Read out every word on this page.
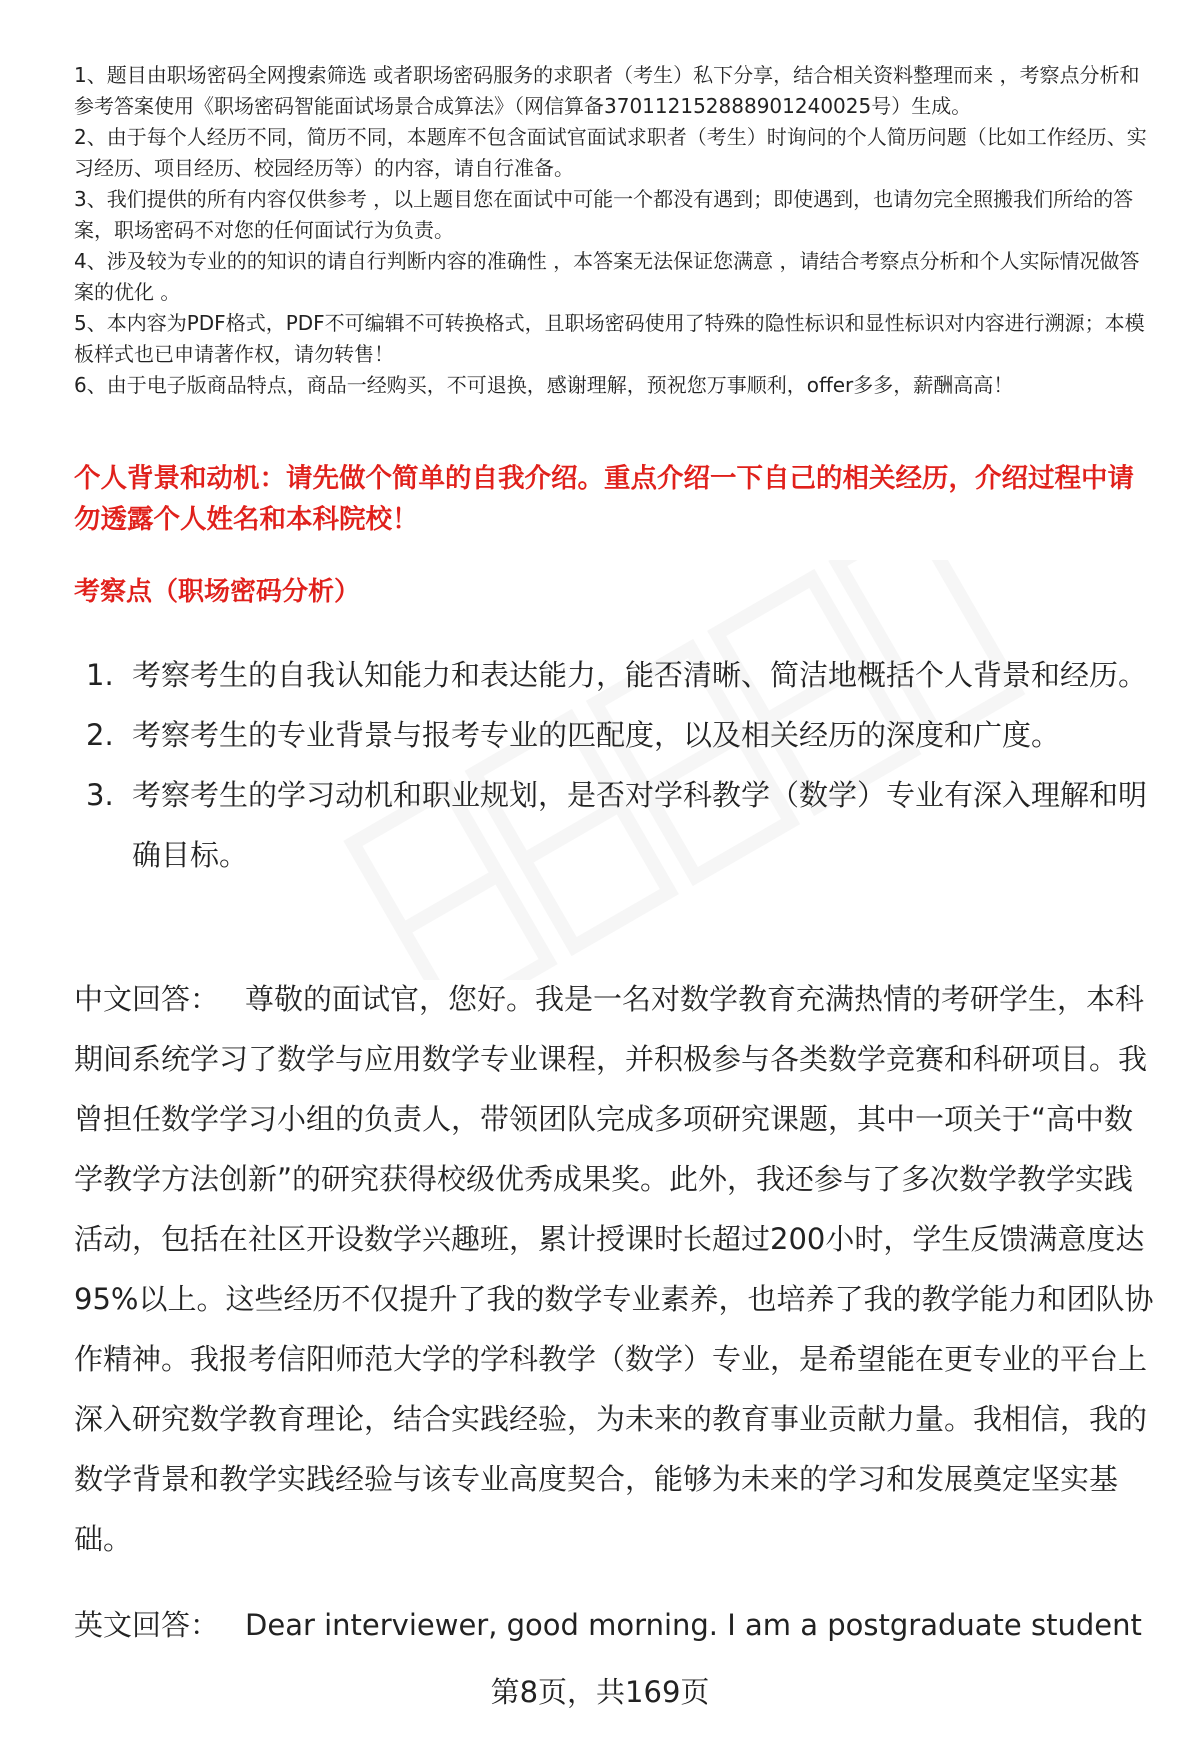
1、题目由职场密码全网搜索筛选 或者职场密码服务的求职者（考生）私下分享，结合相关资料整理而来 ，考察点分析和参考答案使用《职场密码智能面试场景合成算法》（网信算备370112152888901240025号）生成。
2、由于每个人经历不同，简历不同，本题库不包含面试官面试求职者（考生）时询问的个人简历问题（比如工作经历、实习经历、项目经历、校园经历等）的内容，请自行准备。
3、我们提供的所有内容仅供参考 ，以上题目您在面试中可能一个都没有遇到；即使遇到，也请勿完全照搬我们所给的答案，职场密码不对您的任何面试行为负责。
4、涉及较为专业的的知识的请自行判断内容的准确性 ，本答案无法保证您满意 ，请结合考察点分析和个人实际情况做答案的优化 。
5、本内容为PDF格式，PDF不可编辑不可转换格式，且职场密码使用了特殊的隐性标识和显性标识对内容进行溯源；本模板样式也已申请著作权，请勿转售！
6、由于电子版商品特点，商品一经购买，不可退换，感谢理解，预祝您万事顺利，offer多多，薪酬高高！
个人背景和动机：请先做个简单的自我介绍。重点介绍一下自己的相关经历，介绍过程中请勿透露个人姓名和本科院校！
考察点（职场密码分析）
1. 考察考生的自我认知能力和表达能力，能否清晰、简洁地概括个人背景和经历。
2. 考察考生的专业背景与报考专业的匹配度，以及相关经历的深度和广度。
3. 考察考生的学习动机和职业规划，是否对学科教学（数学）专业有深入理解和明确目标。

中文回答： 尊敬的面试官，您好。我是一名对数学教育充满热情的考研学生，本科期间系统学习了数学与应用数学专业课程，并积极参与各类数学竞赛和科研项目。我曾担任数学学习小组的负责人，带领团队完成多项研究课题，其中一项关于“高中数学教学方法创新”的研究获得校级优秀成果奖。此外，我还参与了多次数学教学实践活动，包括在社区开设数学兴趣班，累计授课时长超过200小时，学生反馈满意度达95%以上。这些经历不仅提升了我的数学专业素养，也培养了我的教学能力和团队协作精神。我报考信阳师范大学的学科教学（数学）专业，是希望能在更专业的平台上深入研究数学教育理论，结合实践经验，为未来的教育事业贡献力量。我相信，我的数学背景和教学实践经验与该专业高度契合，能够为未来的学习和发展奠定坚实基础。

英文回答： Dear interviewer, good morning. I am a postgraduate student

第8页，共169页
